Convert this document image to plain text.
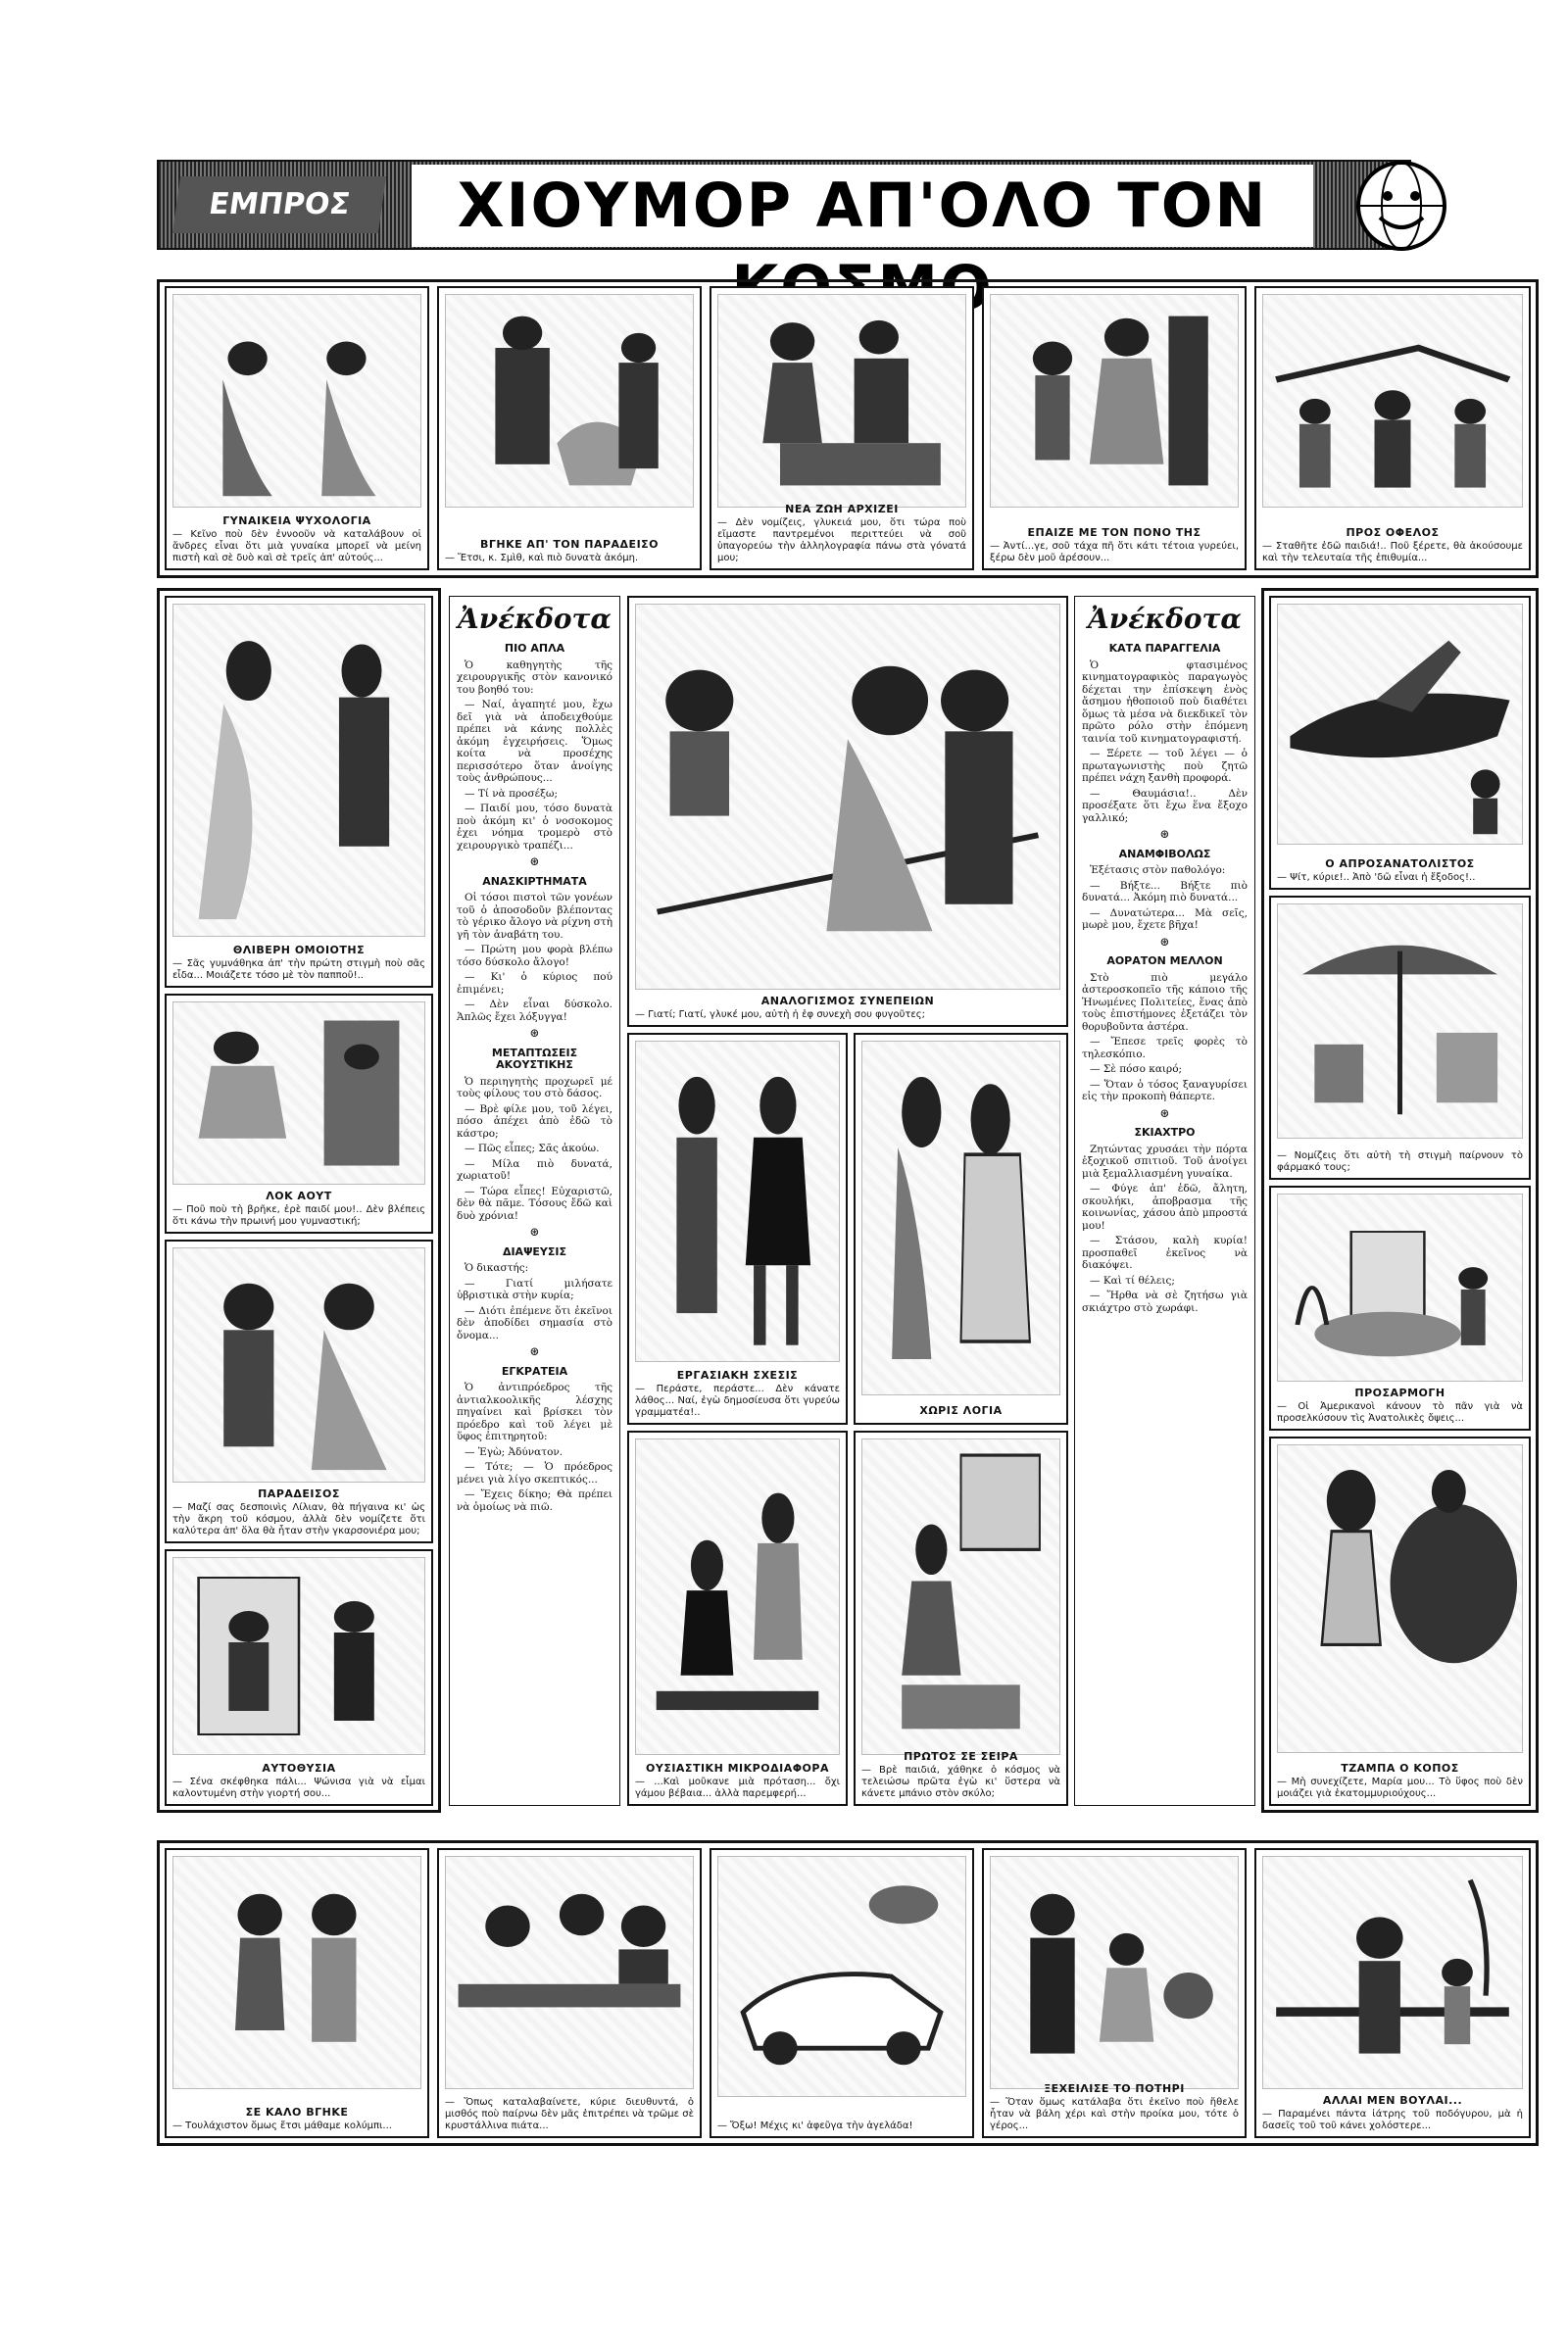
ΕΜΠΡΟΣ	ΧΙΟΥΜΟΡ ΑΠ'ΟΛΟ ΤΟΝ
ΓΥΝΑΙΚΕΙΑ ΨΥΧΟΛΟΓΙΑ
— Κεῖνο ποὺ δὲν ἐννοοῦν νὰ καταλάβουν οἱ ἄνδρες εἶναι ὅτι μιὰ γυναίκα μπορεῖ νὰ μείνη πιστὴ καὶ σὲ δυὸ καὶ σὲ τρεῖς ἀπ' αὐτούς...
ΒΓΗΚΕ ΑΠ' ΤΟΝ ΠΑΡΑΔΕΙΣΟ
— Ἔτσι, κ. Σμὶθ, καὶ πιὸ δυνατὰ ἀκόμη.
ΝΕΑ ΖΩΗ ΑΡΧΙΖΕΙ
— Δὲν νομίζεις, γλυκειά μου, ὅτι τώρα ποὺ εἴμαστε παντρεμένοι περιττεύει νὰ σοῦ ὑπαγορεύω τὴν ἀλληλογραφία πάνω στὰ γόνατά μου;
ΕΠΑΙΖΕ ΜΕ ΤΟΝ ΠΟΝΟ ΤΗΣ
— Ἀντί...γε, σοῦ τάχα πῆ ὅτι κάτι τέτοια γυρεύει, ξέρω δὲν μοῦ ἀρέσουν...
ΠΡΟΣ ΟΦΕΛΟΣ
— Σταθῆτε ἐδῶ παιδιά!.. Ποῦ ξέρετε, θὰ ἀκούσουμε καὶ τὴν τελευταία τῆς ἐπιθυμία...
ΘΛΙΒΕΡΗ ΟΜΟΙΟΤΗΣ
— Σᾶς γυμνάθηκα ἀπ' τὴν πρώτη στιγμὴ ποὺ σᾶς εἶδα... Μοιάζετε τόσο μὲ τὸν παπποῦ!..
ΛΟΚ ΑΟΥΤ
— Ποῦ ποὺ τὴ βρῆκε, ἐρὲ παιδί μου!.. Δὲν βλέπεις ὅτι κάνω τὴν πρωινή μου γυμναστική;
ΠΑΡΑΔΕΙΣΟΣ
— Μαζί σας δεσποινὶς Λίλιαν, θὰ πήγαινα κι' ὡς τὴν ἄκρη τοῦ κόσμου, ἀλλὰ δὲν νομίζετε ὅτι καλύτερα ἀπ' ὅλα θὰ ἦταν στὴν γκαρσονιέρα μου;
ΑΥΤΟΘΥΣΙΑ
— Σένα σκέφθηκα πάλι... Ψώνισα γιὰ νὰ εἶμαι καλοντυμένη στὴν γιορτή σου...
Ἀνέκδοτα
ΠΙΟ ΑΠΛΑ

Ὁ καθηγητὴς τῆς χειρουργικῆς στὸν κανονικό του βοηθό του:

— Ναί, ἀγαπητέ μου, ἔχω δεῖ γιὰ νὰ ἀποδειχθούμε πρέπει νὰ κάνης πολλὲς ἀκόμη ἐγχειρήσεις. Ὅμως κοίτα νὰ προσέχης περισσότερο ὅταν ἀνοίγης τοὺς ἀνθρώπους...

— Τί νὰ προσέξω;

— Παιδί μου, τόσο δυνατὰ ποὺ ἀκόμη κι' ὁ νοσοκομος ἐχει νόημα τρομερὸ στὸ χειρουργικὸ τραπέζι...

⊛
ΑΝΑΣΚΙΡΤΗΜΑΤΑ

Οἱ τόσοι πιστοὶ τῶν γονέων τοῦ ὁ ἀποσοδοῦν βλέποντας τὸ γέρικο ἄλογο νὰ ρίχνη στὴ γῆ τὸν ἀναβάτη του.

— Πρώτη μου φορὰ βλέπω τόσο δύσκολο ἄλογο!

— Κι' ὁ κύριος πού ἐπιμένει;

— Δὲν εἶναι δύσκολο. Ἁπλῶς ἔχει λόξυγγα!

⊛
ΜΕΤΑΠΤΩΣΕΙΣ ΑΚΟΥΣΤΙΚΗΣ

Ὁ περιηγητὴς προχωρεῖ μέ τοὺς φίλους του στὸ δάσος.

— Βρὲ φίλε μου, τοῦ λέγει, πόσο ἀπέχει ἀπὸ ἐδῶ τὸ κάστρο;

— Πῶς εἶπες; Σᾶς ἀκούω.

— Μίλα πιὸ δυνατά, χωριατοῦ!

— Τώρα εἶπες! Εὐχαριστῶ, δὲν θὰ πᾶμε. Τόσους ἔδῶ καὶ δυὸ χρόνια!

⊛
ΔΙΑΨΕΥΣΙΣ

Ὁ δικαστής:

— Γιατί μιλήσατε ὑβριστικὰ στὴν κυρία;

— Διότι ἐπέμενε ὅτι ἐκεῖνοι δὲν ἀποδίδει σημασία στὸ ὄνομα...

⊛
ΕΓΚΡΑΤΕΙΑ

Ὁ ἀντιπρόεδρος τῆς ἀντιαλκοολικῆς λέσχης πηγαίνει καὶ βρίσκει τὸν πρόεδρο καὶ τοῦ λέγει μὲ ὕφος ἐπιτηρητοῦ:

— Ἐγὼ; Ἀδύνατον.

— Τότε; — Ὁ πρόεδρος μένει γιὰ λίγο σκεπτικός...

— Ἔχεις δίκηο; Θὰ πρέπει νὰ ὁμοίως νὰ πιῶ.

ΑΝΑΛΟΓΙΣΜΟΣ ΣΥΝΕΠΕΙΩΝ
— Γιατί; Γιατί, γλυκέ μου, αὐτὴ ἡ ἐφ συνεχὴ σου φυγοῦτες;
ΕΡΓΑΣΙΑΚΗ ΣΧΕΣΙΣ
— Περάστε, περάστε... Δὲν κάνατε λάθος... Ναί, ἐγὼ δημοσίευσα ὅτι γυρεύω γραμματέα!..	ΧΩΡΙΣ ΛΟΓΙΑ
ΟΥΣΙΑΣΤΙΚΗ ΜΙΚΡΟΔΙΑΦΟΡΑ
— ...Καὶ μοῦκανε μιὰ πρόταση... ὄχι γάμου βέβαια... ἀλλὰ παρεμφερή...
ΠΡΩΤΟΣ ΣΕ ΣΕΙΡΑ
— Βρὲ παιδιά, χάθηκε ὁ κόσμος νὰ τελειώσω πρῶτα ἐγὼ κι' ὕστερα νὰ κάνετε μπάνιο στὸν σκύλο;
Ἀνέκδοτα
ΚΑΤΑ ΠΑΡΑΓΓΕΛΙΑ

Ὁ φτασιμένος κινηματογραφικὸς παραγωγὸς δέχεται την ἐπίσκεψη ἑνὸς ἄσημου ἠθοποιοῦ ποὺ διαθέτει ὅμως τὰ μέσα νὰ διεκδικεῖ τὸν πρῶτο ρόλο στὴν ἐπόμενη ταινία τοῦ κινηματογραφιστή.

— Ξέρετε — τοῦ λέγει — ὁ πρωταγωνιστὴς ποὺ ζητῶ πρέπει νάχη ξανθὴ προφορά.

— Θαυμάσια!.. Δὲν προσέξατε ὅτι ἔχω ἕνα ἔξοχο γαλλικό;

⊛
ΑΝΑΜΦΙΒΟΛΩΣ

Ἐξέτασις στὸν παθολόγο:

— Βήξτε... Βήξτε πιὸ δυνατά... Ἀκόμη πιὸ δυνατά...

— Δυνατώτερα... Μὰ σεῖς, μωρὲ μου, ἔχετε βῆχα!

⊛
ΑΟΡΑΤΟΝ ΜΕΛΛΟΝ

Στὸ πιὸ μεγάλο ἀστεροσκοπεῖο τῆς κάποιο τῆς Ἡνωμένες Πολιτείες, ἕνας ἀπὸ τοὺς ἐπιστήμονες ἐξετάζει τὸν θορυβοῦντα ἀστέρα.

— Ἔπεσε τρεῖς φορὲς τὸ τηλεσκόπιο.

— Σὲ πόσο καιρό;

— Ὅταν ὁ τόσος ξαναγυρίσει εἰς τὴν προκοπὴ θάπερτε.

⊛
ΣΚΙΑΧΤΡΟ

Ζητώντας χρυσάει τὴν πόρτα ἐξοχικοῦ σπιτιοῦ. Τοῦ ἀνοίγει μιὰ ξεμαλλιασμένη γυναίκα.

— Φύγε ἀπ' ἐδῶ, ἄλητη, σκουλήκι, ἀποβρασμα τῆς κοινωνίας, χάσου ἀπὸ μπροστά μου!

— Στάσου, καλὴ κυρία! προσπαθεῖ ἐκεῖνος νὰ διακόψει.

— Καὶ τί θέλεις;

— Ἥρθα νὰ σὲ ζητήσω γιὰ σκιάχτρο στὸ χωράφι.

Ο ΑΠΡΟΣΑΝΑΤΟΛΙΣΤΟΣ
— Ψίτ, κύριε!.. Ἀπὸ 'δῶ εἶναι ἡ ἔξοδος!..
— Νομίζεις ὅτι αὐτὴ τὴ στιγμὴ παίρνουν τὸ φάρμακό τους;
ΠΡΟΣΑΡΜΟΓΗ
— Οἱ Ἀμερικανοὶ κάνουν τὸ πᾶν γιὰ νὰ προσελκύσουν τὶς Ἀνατολικὲς ὄψεις...
ΤΖΑΜΠΑ Ο ΚΟΠΟΣ
— Μὴ συνεχίζετε, Μαρία μου... Τὸ ὕφος ποὺ δὲν μοιάζει γιὰ ἑκατομμυριούχους...
ΣΕ ΚΑΛΟ ΒΓΗΚΕ
— Τουλάχιστον ὅμως ἔτσι μάθαμε κολύμπι...
— Ὅπως καταλαβαίνετε, κύριε διευθυντά, ὁ μισθός ποὺ παίρνω δὲν μᾶς ἐπιτρέπει νὰ τρῶμε σὲ κρυστάλλινα πιάτα...	— Ὄξω! Μέχις κι' ἀφεῦγα τὴν ἀγελάδα!
ΞΕΧΕΙΛΙΣΕ ΤΟ ΠΟΤΗΡΙ
— Ὅταν ὅμως κατάλαβα ὅτι ἐκεῖνο ποὺ ἤθελε ἦταν νὰ βάλη χέρι καὶ στὴν προίκα μου, τότε ὁ γέρος...
ΑΛΛΑΙ ΜΕΝ ΒΟΥΛΑΙ...
— Παραμένει πάντα ἰάτρης τοῦ ποδόγυρου, μὰ ἡ δασεῖς τοῦ τοῦ κάνει χολόστερε...
